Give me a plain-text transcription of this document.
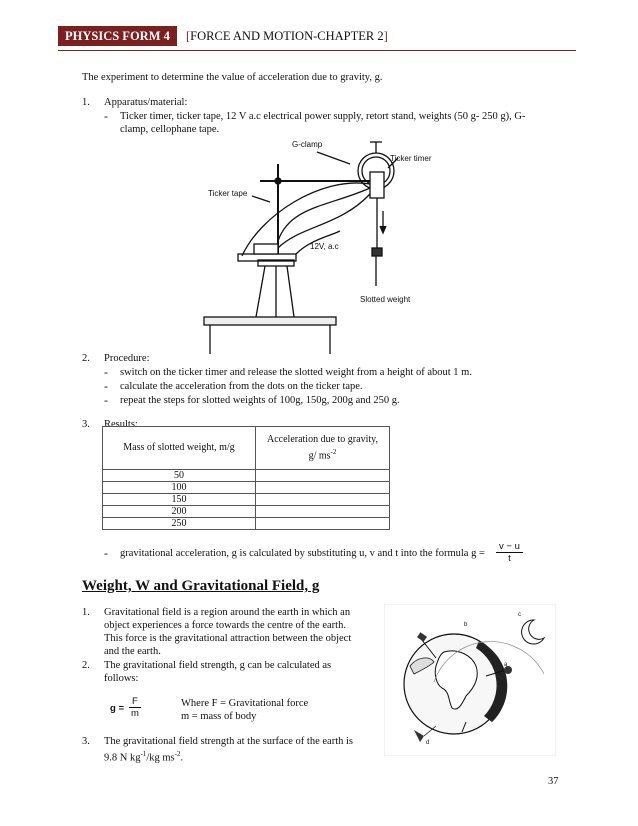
PHYSICS FORM 4	[FORCE AND MOTION-CHAPTER 2]
The experiment to determine the value of acceleration due to gravity, g.
1. Apparatus/material:
- Ticker timer, ticker tape, 12 V a.c electrical power supply, retort stand, weights (50 g- 250 g), G-clamp, cellophane tape.
G-clamp
Ticker timer
Ticker tape
12V, a.c
Slotted weight
2. Procedure:
- switch on the ticker timer and release the slotted weight from a height of about 1 m.
- calculate the acceleration from the dots on the ticker tape.
- repeat the steps for slotted weights of 100g, 150g, 200g and 250 g.
3. Results:
Mass of slotted weight, m/g	Acceleration due to gravity,
g/ $ms^{-2}$
50	
100	
150	
200	
250	
- gravitational acceleration, g is calculated by substituting u, v and t into the formula $g = \frac{v - u}{t}$
Weight, W and Gravitational Field, g
1. Gravitational field is a region around the earth in which an object experiences a force towards the centre of the earth. This force is the gravitational attraction between the object and the earth.
2. The gravitational field strength, g can be calculated as follows:
$g = \frac{F}{m}$	Where F = Gravitational force
m = mass of body
3. The gravitational field strength at the surface of the earth is
9.8 N $kg^{-1}/kg$ $ms^{-2}$.
b
c
a
d
37
